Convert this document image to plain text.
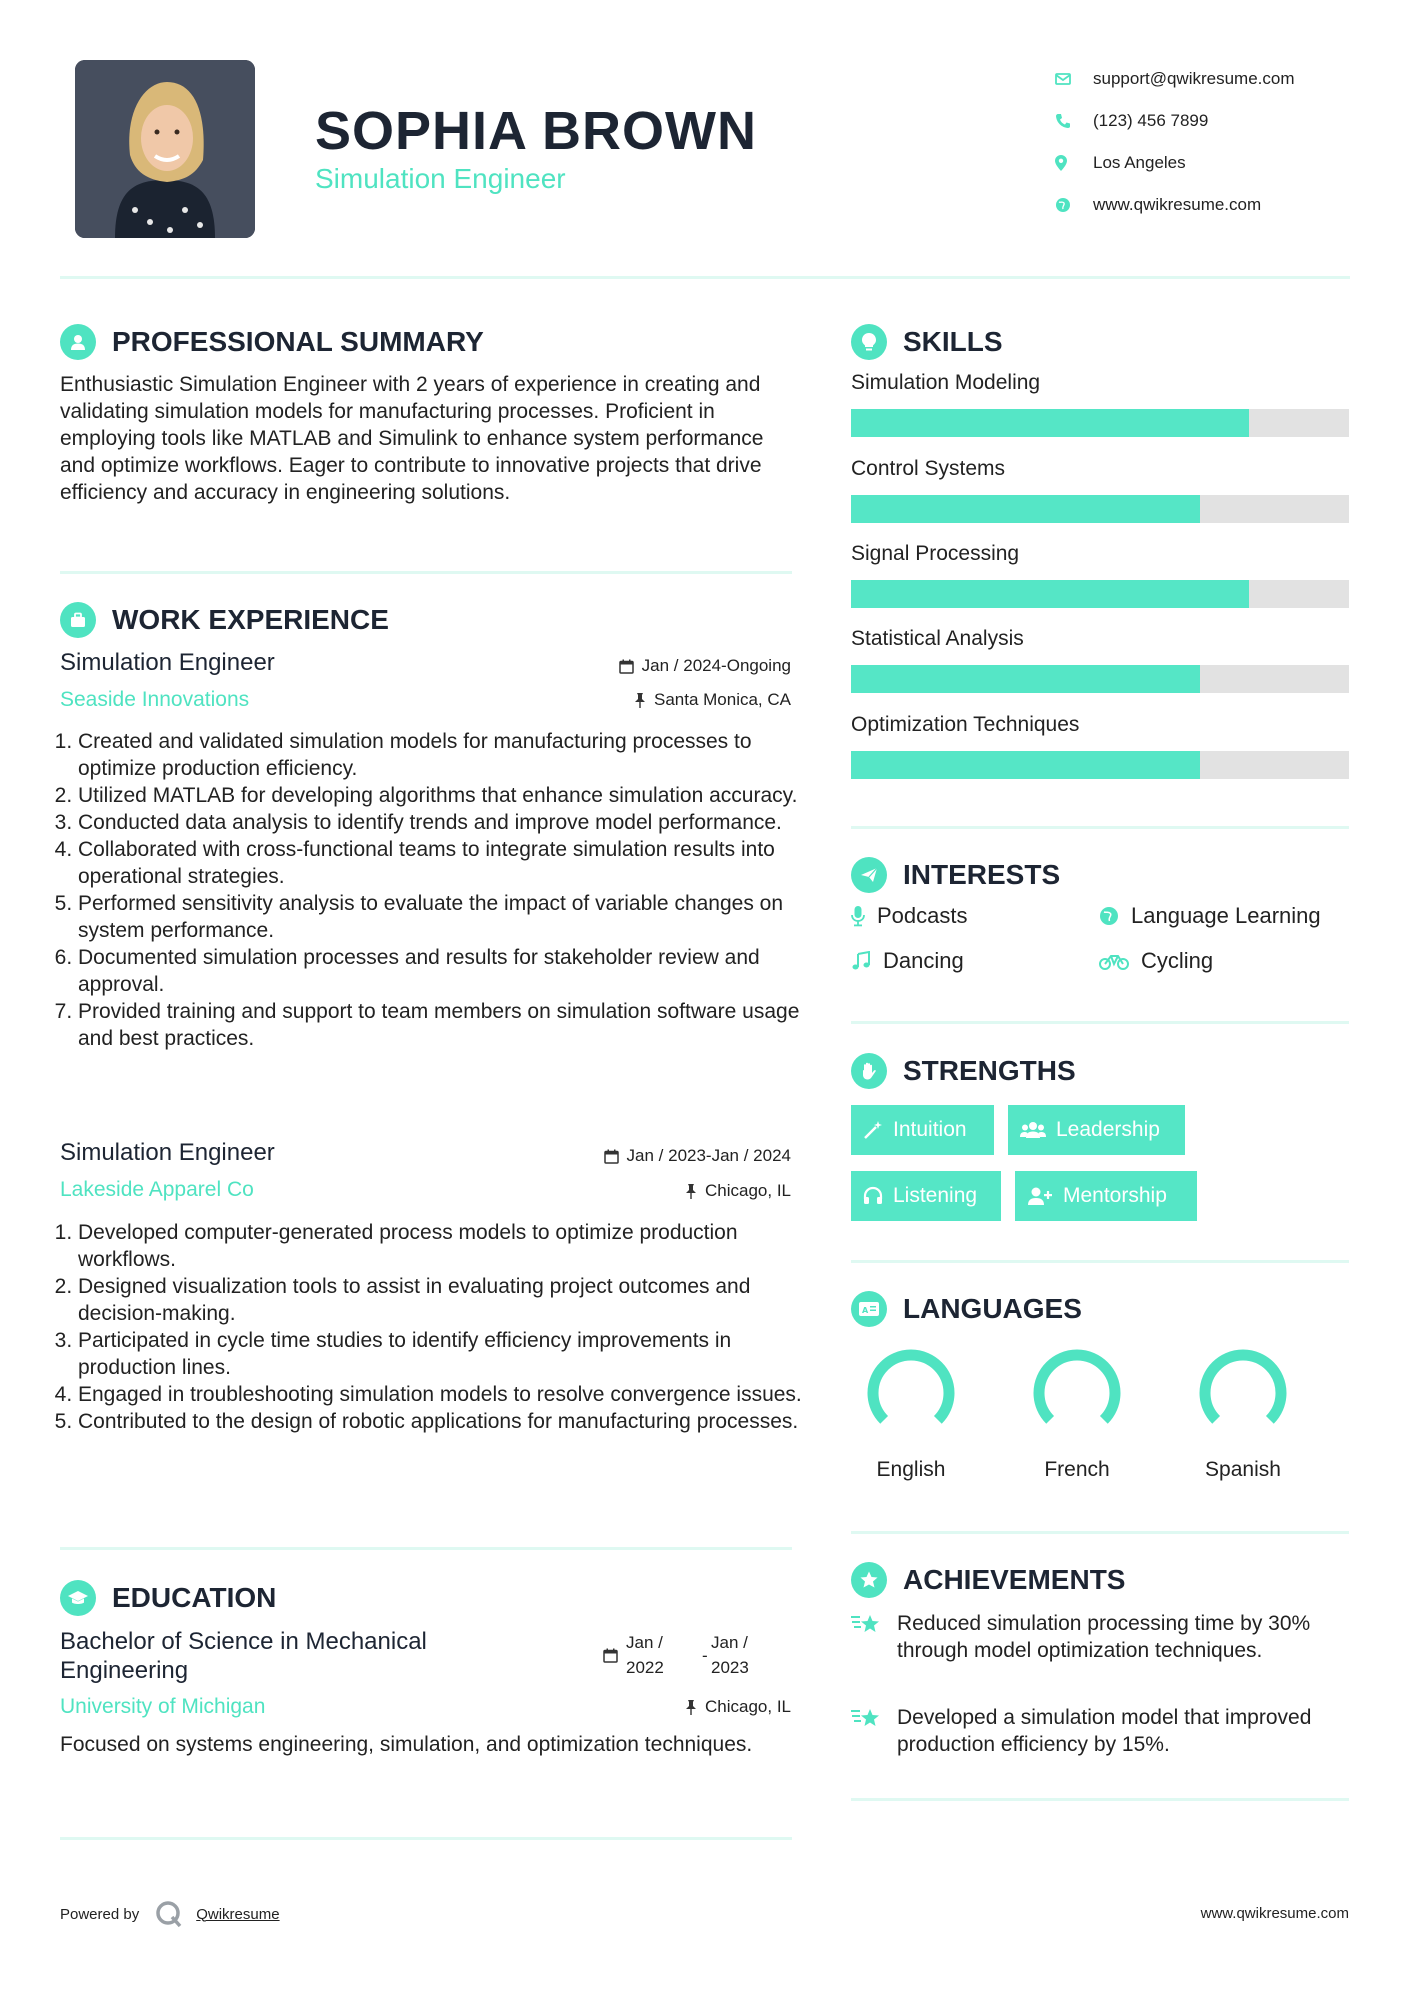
SOPHIA BROWN
Simulation Engineer
support@qwikresume.com
(123) 456 7899
Los Angeles
www.qwikresume.com
PROFESSIONAL SUMMARY
Enthusiastic Simulation Engineer with 2 years of experience in creating and validating simulation models for manufacturing processes. Proficient in employing tools like MATLAB and Simulink to enhance system performance and optimize workflows. Eager to contribute to innovative projects that drive efficiency and accuracy in engineering solutions.
WORK EXPERIENCE
Simulation Engineer	Jan / 2024-Ongoing
Seaside Innovations	Santa Monica, CA
1. Created and validated simulation models for manufacturing processes to optimize production efficiency.
2. Utilized MATLAB for developing algorithms that enhance simulation accuracy.
3. Conducted data analysis to identify trends and improve model performance.
4. Collaborated with cross-functional teams to integrate simulation results into operational strategies.
5. Performed sensitivity analysis to evaluate the impact of variable changes on system performance.
6. Documented simulation processes and results for stakeholder review and approval.
7. Provided training and support to team members on simulation software usage and best practices.
Simulation Engineer	Jan / 2023-Jan / 2024
Lakeside Apparel Co	Chicago, IL
1. Developed computer-generated process models to optimize production workflows.
2. Designed visualization tools to assist in evaluating project outcomes and decision-making.
3. Participated in cycle time studies to identify efficiency improvements in production lines.
4. Engaged in troubleshooting simulation models to resolve convergence issues.
5. Contributed to the design of robotic applications for manufacturing processes.
EDUCATION
Bachelor of Science in Mechanical
Engineering
Jan /
2022
-
Jan /
2023
University of Michigan	Chicago, IL
Focused on systems engineering, simulation, and optimization techniques.
SKILLS
Simulation Modeling
Control Systems
Signal Processing
Statistical Analysis
Optimization Techniques
INTERESTS
Podcasts	Language Learning
Dancing	Cycling
STRENGTHS
Intuition	Leadership
Listening	Mentorship
A LANGUAGES
English	French	Spanish
ACHIEVEMENTS
Reduced simulation processing time by 30% through model optimization techniques.
Developed a simulation model that improved production efficiency by 15%.
Powered by	Qwikresume	www.qwikresume.com
